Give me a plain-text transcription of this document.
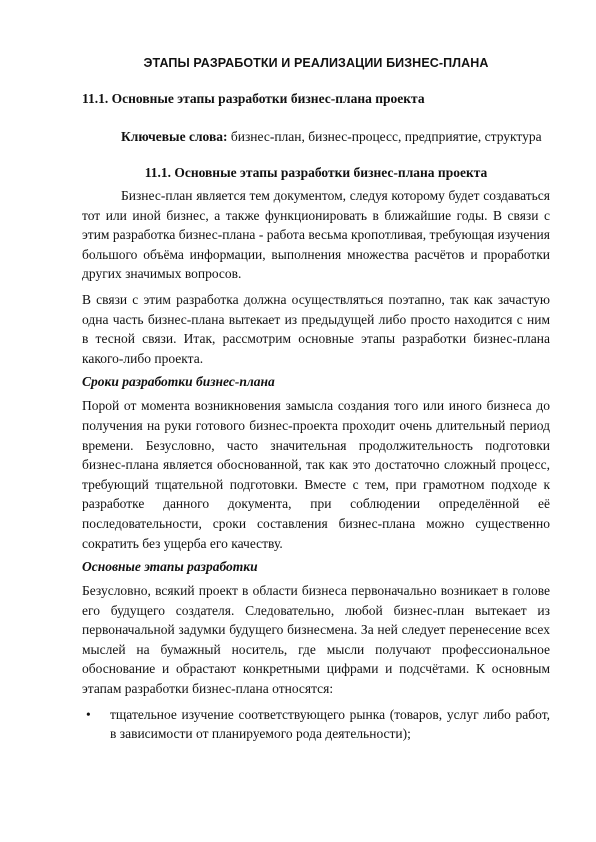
ЭТАПЫ РАЗРАБОТКИ И РЕАЛИЗАЦИИ БИЗНЕС-ПЛАНА
11.1. Основные этапы разработки бизнес-плана проекта
Ключевые слова: бизнес-план, бизнес-процесс, предприятие, структура
11.1. Основные этапы разработки бизнес-плана проекта

Бизнес-план является тем документом, следуя которому будет создаваться тот или иной бизнес, а также функционировать в ближайшие годы. В связи с этим разработка бизнес-плана - работа весьма кропотливая, требующая изучения большого объёма информации, выполнения множества расчётов и проработки других значимых вопросов.

В связи с этим разработка должна осуществляться поэтапно, так как зачастую одна часть бизнес-плана вытекает из предыдущей либо просто находится с ним в тесной связи. Итак, рассмотрим основные этапы разработки бизнес-плана какого-либо проекта.

Сроки разработки бизнес-плана

Порой от момента возникновения замысла создания того или иного бизнеса до получения на руки готового бизнес-проекта проходит очень длительный период времени. Безусловно, часто значительная продолжительность подготовки бизнес-плана является обоснованной, так как это достаточно сложный процесс, требующий тщательной подготовки. Вместе с тем, при грамотном подходе к разработке данного документа, при соблюдении определённой её последовательности, сроки составления бизнес-плана можно существенно сократить без ущерба его качеству.

Основные этапы разработки

Безусловно, всякий проект в области бизнеса первоначально возникает в голове его будущего создателя. Следовательно, любой бизнес-план вытекает из первоначальной задумки будущего бизнесмена. За ней следует перенесение всех мыслей на бумажный носитель, где мысли получают профессиональное обоснование и обрастают конкретными цифрами и подсчётами. К основным этапам разработки бизнес-плана относятся:

• тщательное изучение соответствующего рынка (товаров, услуг либо работ, в зависимости от планируемого рода деятельности);
